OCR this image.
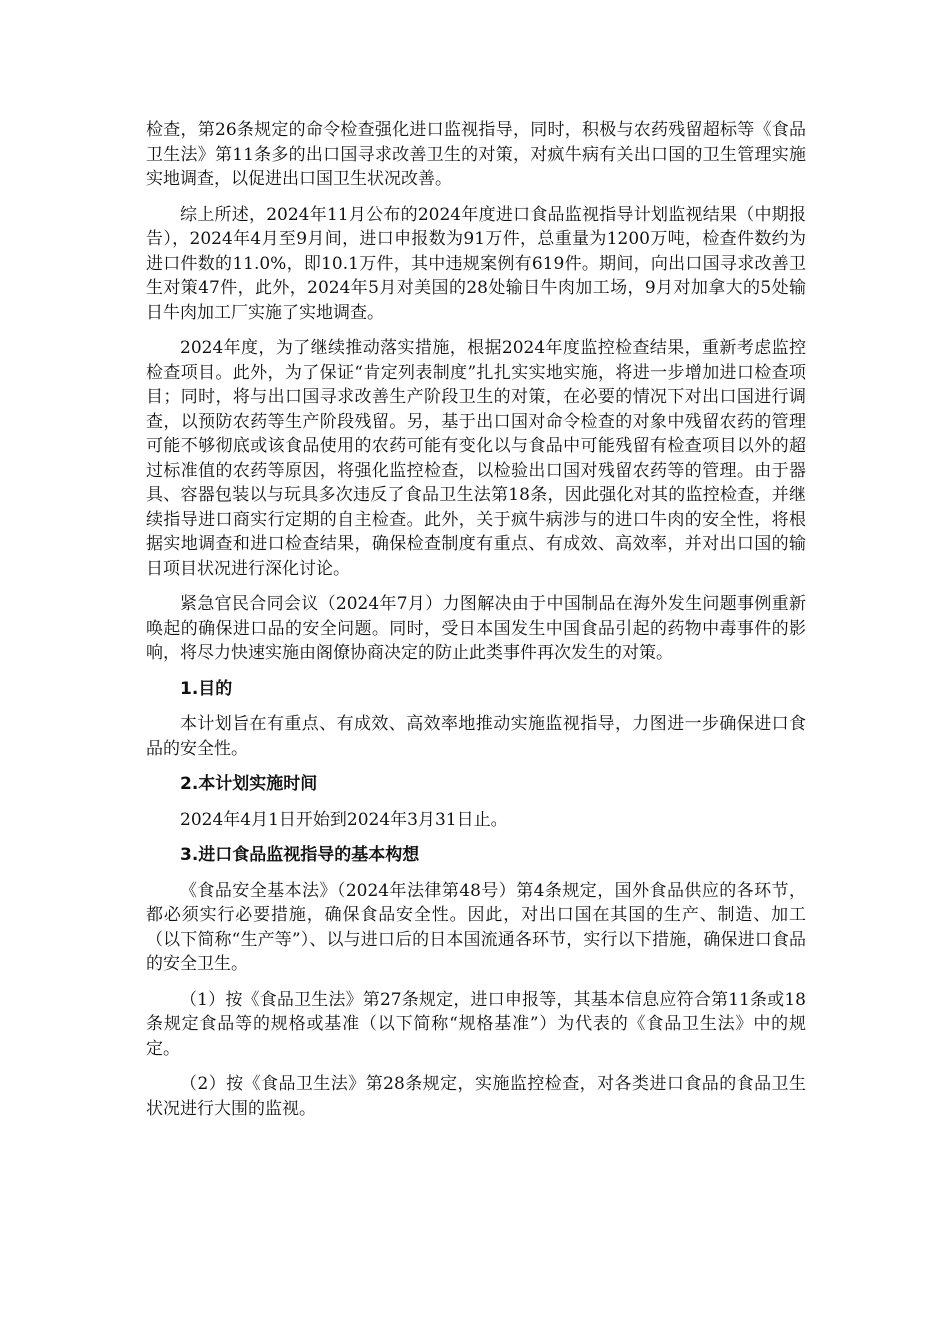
检查，第26条规定的命令检查强化进口监视指导，同时，积极与农药残留超标等《食品卫生法》第11条多的出口国寻求改善卫生的对策，对疯牛病有关出口国的卫生管理实施实地调查，以促进出口国卫生状况改善。

综上所述，2024年11月公布的2024年度进口食品监视指导计划监视结果（中期报告），2024年4月至9月间，进口申报数为91万件，总重量为1200万吨，检查件数约为进口件数的11.0%，即10.1万件，其中违规案例有619件。期间，向出口国寻求改善卫生对策47件，此外，2024年5月对美国的28处输日牛肉加工场，9月对加拿大的5处输日牛肉加工厂实施了实地调查。

2024年度，为了继续推动落实措施，根据2024年度监控检查结果，重新考虑监控检查项目。此外，为了保证“肯定列表制度”扎扎实实地实施，将进一步增加进口检查项目；同时，将与出口国寻求改善生产阶段卫生的对策，在必要的情况下对出口国进行调查，以预防农药等生产阶段残留。另，基于出口国对命令检查的对象中残留农药的管理可能不够彻底或该食品使用的农药可能有变化以与食品中可能残留有检查项目以外的超过标准值的农药等原因，将强化监控检查，以检验出口国对残留农药等的管理。由于器具、容器包装以与玩具多次违反了食品卫生法第18条，因此强化对其的监控检查，并继续指导进口商实行定期的自主检查。此外，关于疯牛病涉与的进口牛肉的安全性，将根据实地调查和进口检查结果，确保检查制度有重点、有成效、高效率，并对出口国的输日项目状况进行深化讨论。

紧急官民合同会议（2024年7月）力图解决由于中国制品在海外发生问题事例重新唤起的确保进口品的安全问题。同时，受日本国发生中国食品引起的药物中毒事件的影响，将尽力快速实施由阁僚协商决定的防止此类事件再次发生的对策。

1.目的

本计划旨在有重点、有成效、高效率地推动实施监视指导，力图进一步确保进口食品的安全性。

2.本计划实施时间

2024年4月1日开始到2024年3月31日止。

3.进口食品监视指导的基本构想

《食品安全基本法》（2024年法律第48号）第4条规定，国外食品供应的各环节，都必须实行必要措施，确保食品安全性。因此，对出口国在其国的生产、制造、加工（以下简称“生产等”）、以与进口后的日本国流通各环节，实行以下措施，确保进口食品的安全卫生。

（1）按《食品卫生法》第27条规定，进口申报等，其基本信息应符合第11条或18条规定食品等的规格或基准（以下简称“规格基准”）为代表的《食品卫生法》中的规定。

（2）按《食品卫生法》第28条规定，实施监控检查，对各类进口食品的食品卫生状况进行大围的监视。
